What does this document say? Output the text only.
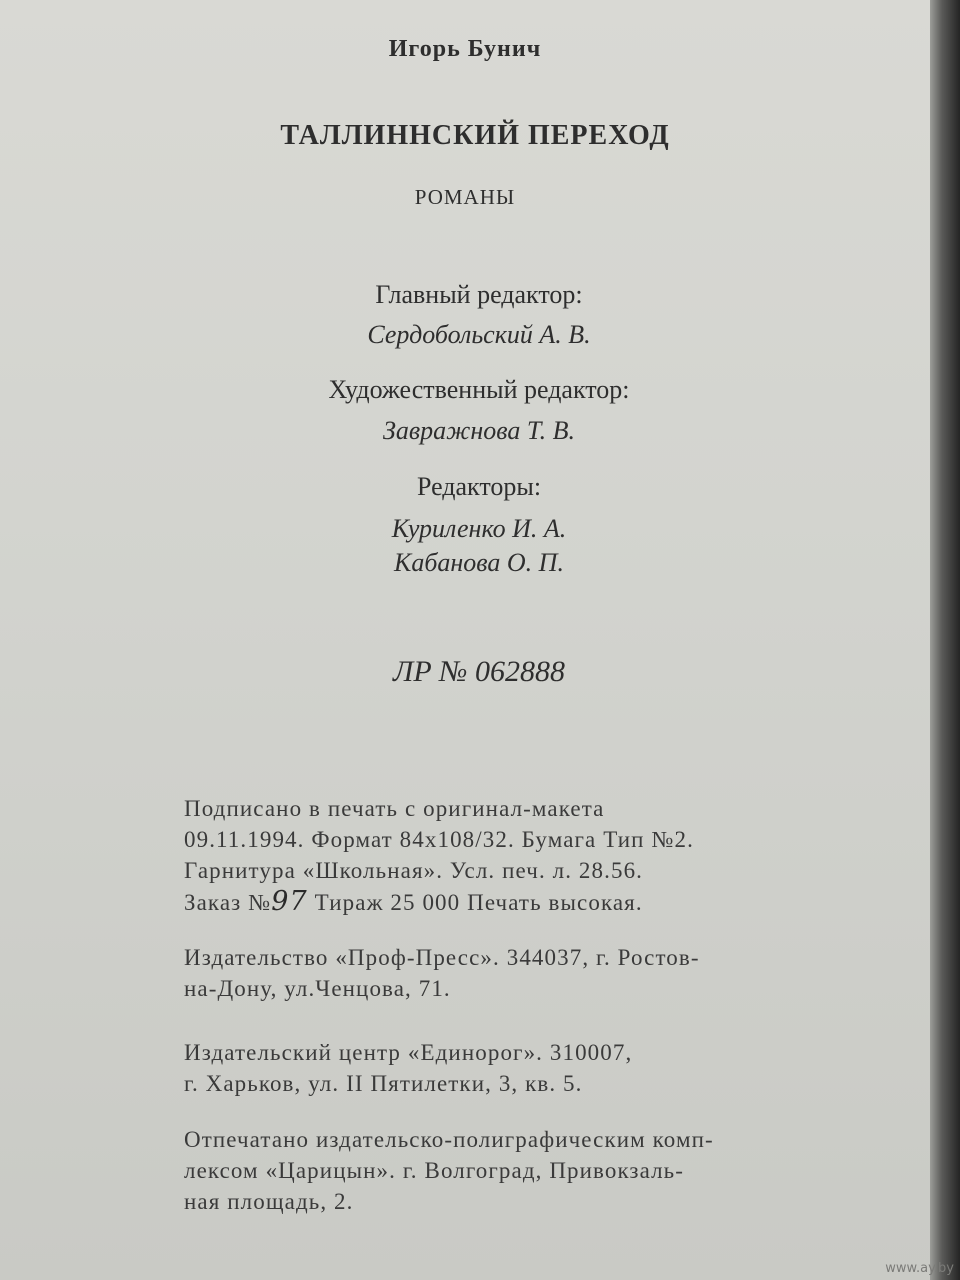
Игорь Бунич
ТАЛЛИННСКИЙ ПЕРЕХОД
РОМАНЫ
Главный редактор:
Сердобольский А. В.
Художественный редактор:
Завражнова Т. В.
Редакторы:
Куриленко И. А.
Кабанова О. П.
ЛР № 062888

Подписано в печать с оригинал-макета

09.11.1994. Формат 84x108/32. Бумага Тип №2.

Гарнитура «Школьная». Усл. печ. л. 28.56.

Заказ №97 Тираж 25 000 Печать высокая.

Издательство «Проф-Пресс». 344037, г. Ростов-

на-Дону, ул.Ченцова, 71.

Издательский центр «Единорог». 310007,

г. Харьков, ул. II Пятилетки, 3, кв. 5.

Отпечатано издательско-полиграфическим комп-

лексом «Царицын». г. Волгоград, Привокзаль-

ная площадь, 2.

www.ay.by
